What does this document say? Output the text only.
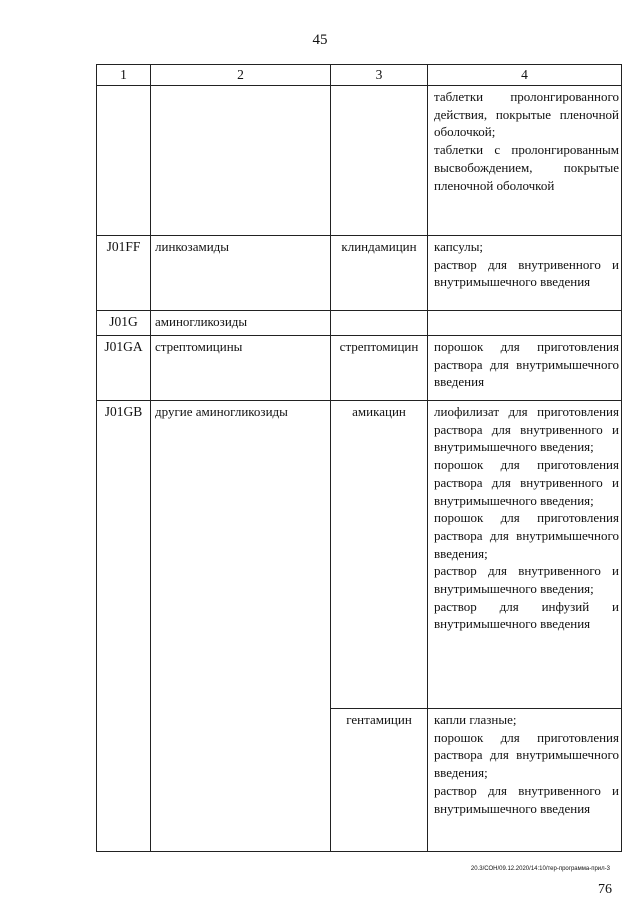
45
1	2	3	4

			таблетки пролонгированного действия, покрытые пленочной оболочкой;
таблетки с пролонгированным высвобождением, покрытые пленочной оболочкой

J01FF	линкозамиды	клиндамицин	капсулы;
раствор для внутривенного и внутримышечного введения

J01G	аминогликозиды		
J01GA	стрептомицины	стрептомицин	порошок для приготовления раствора для внутримышечного введения

J01GB	другие аминогликозиды	амикацин	лиофилизат для приготовления раствора для внутривенного и внутримышечного введения;
порошок для приготовления раствора для внутривенного и внутримышечного введения;
порошок для приготовления раствора для внутримышечного введения;
раствор для внутривенного и внутримышечного введения;
раствор для инфузий и внутримышечного введения

		гентамицин	капли глазные;
порошок для приготовления раствора для внутримышечного введения;
раствор для внутривенного и внутримышечного введения
20.3/СОН/09.12.2020/14:10/тер-программа-прил-3
76
